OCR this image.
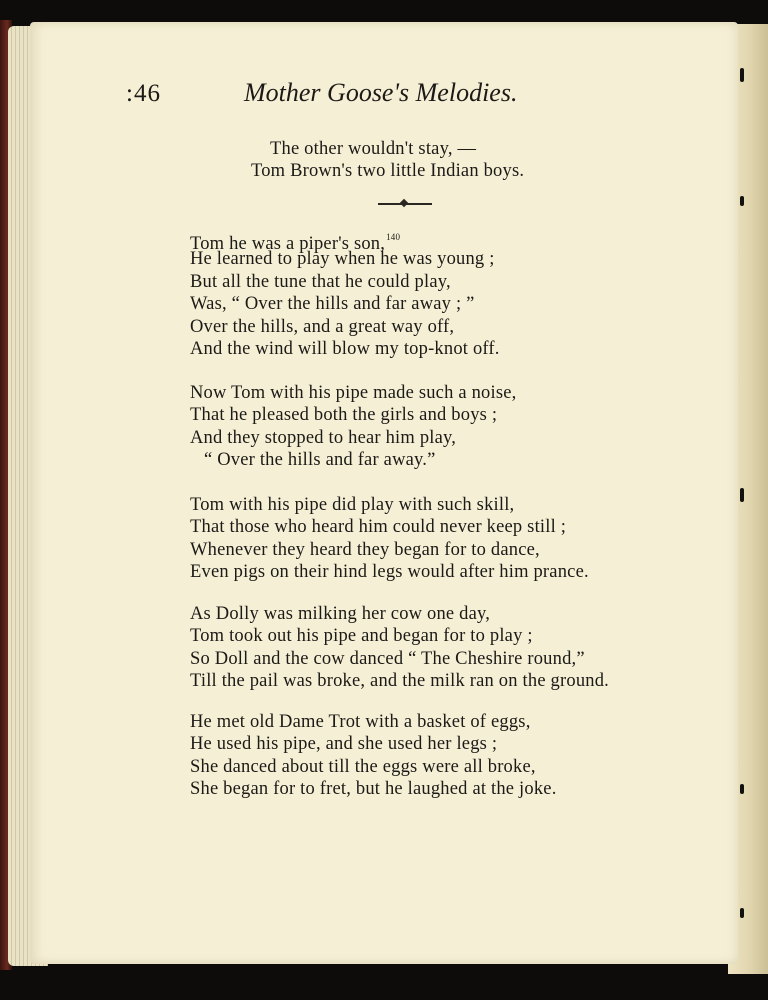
:46	Mother Goose's Melodies.
The other wouldn't stay, —
Tom Brown's two little Indian boys.
Tom he was a piper's son,$^{140}$
He learned to play when he was young ;
But all the tune that he could play,
Was, “ Over the hills and far away ; ”
Over the hills, and a great way off,
And the wind will blow my top-knot off.
Now Tom with his pipe made such a noise,
That he pleased both the girls and boys ;
And they stopped to hear him play,
“ Over the hills and far away.”
Tom with his pipe did play with such skill,
That those who heard him could never keep still ;
Whenever they heard they began for to dance,
Even pigs on their hind legs would after him prance.
As Dolly was milking her cow one day,
Tom took out his pipe and began for to play ;
So Doll and the cow danced “ The Cheshire round,”
Till the pail was broke, and the milk ran on the ground.
He met old Dame Trot with a basket of eggs,
He used his pipe, and she used her legs ;
She danced about till the eggs were all broke,
She began for to fret, but he laughed at the joke.
